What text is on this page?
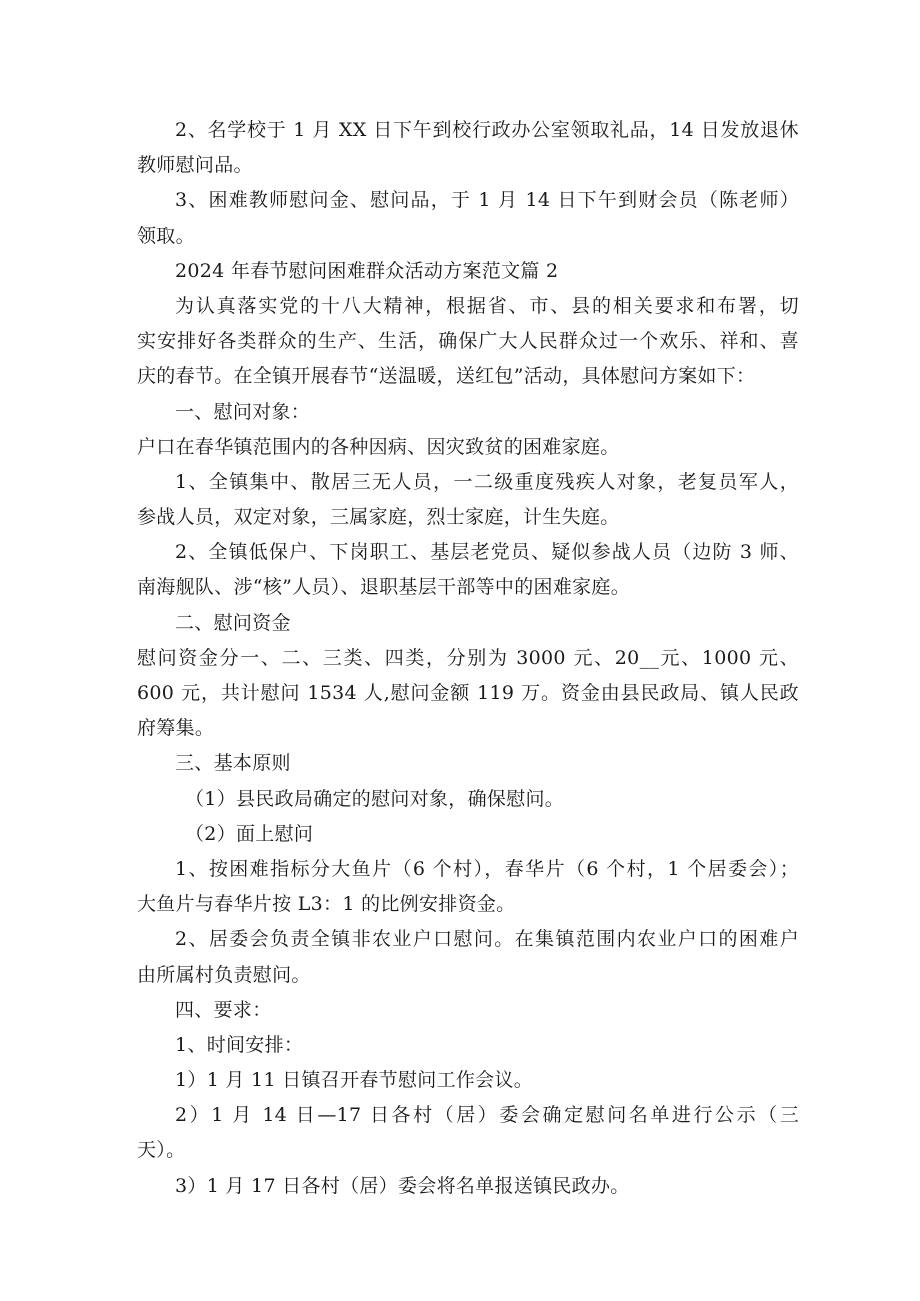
2、名学校于 1 月 XX 日下午到校行政办公室领取礼品，14 日发放退休
教师慰问品。
3、困难教师慰问金、慰问品，于 1 月 14 日下午到财会员（陈老师）
领取。
2024 年春节慰问困难群众活动方案范文篇 2
为认真落实党的十八大精神，根据省、市、县的相关要求和布署，切
实安排好各类群众的生产、生活，确保广大人民群众过一个欢乐、祥和、喜
庆的春节。在全镇开展春节“送温暖，送红包”活动，具体慰问方案如下：
一、慰问对象：
户口在春华镇范围内的各种因病、因灾致贫的困难家庭。
1、全镇集中、散居三无人员，一二级重度残疾人对象，老复员军人，
参战人员，双定对象，三属家庭，烈士家庭，计生失庭。
2、全镇低保户、下岗职工、基层老党员、疑似参战人员（边防 3 师、
南海舰队、涉“核”人员）、退职基层干部等中的困难家庭。
二、慰问资金
慰问资金分一、二、三类、四类，分别为 3000 元、20__元、1000 元、
600 元，共计慰问 1534 人,慰问金额 119 万。资金由县民政局、镇人民政
府筹集。
三、基本原则
（1）县民政局确定的慰问对象，确保慰问。
（2）面上慰问
1、按困难指标分大鱼片（6 个村），春华片（6 个村，1 个居委会）；
大鱼片与春华片按 L3：1 的比例安排资金。
2、居委会负责全镇非农业户口慰问。在集镇范围内农业户口的困难户
由所属村负责慰问。
四、要求：
1、时间安排：
1）1 月 11 日镇召开春节慰问工作会议。
2）1 月 14 日—17 日各村（居）委会确定慰问名单进行公示（三
天）。
3）1 月 17 日各村（居）委会将名单报送镇民政办。
